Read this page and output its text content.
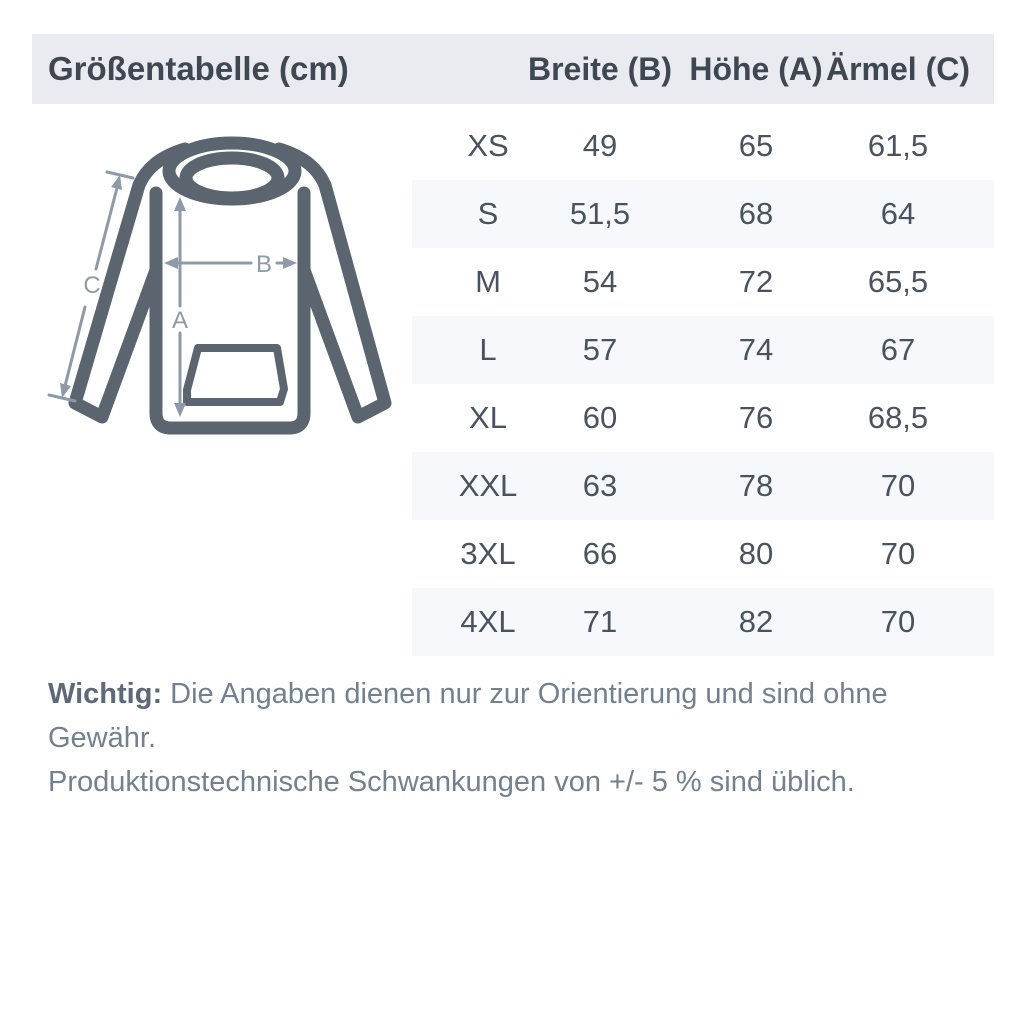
Größentabelle (cm)	Breite (B) Höhe (A) Ärmel (C)
A
B
C
XS 49	65	61,5
S 51,5	68	64
M	54	72	65,5
L	57	74	67
XL 60	76	68,5
XXL 63	78	70
3XL 66	80	70
4XL 71	82	70

Wichtig: Die Angaben dienen nur zur Orientierung und sind ohne Gewähr.

Produktionstechnische Schwankungen von +/- 5 % sind üblich.
